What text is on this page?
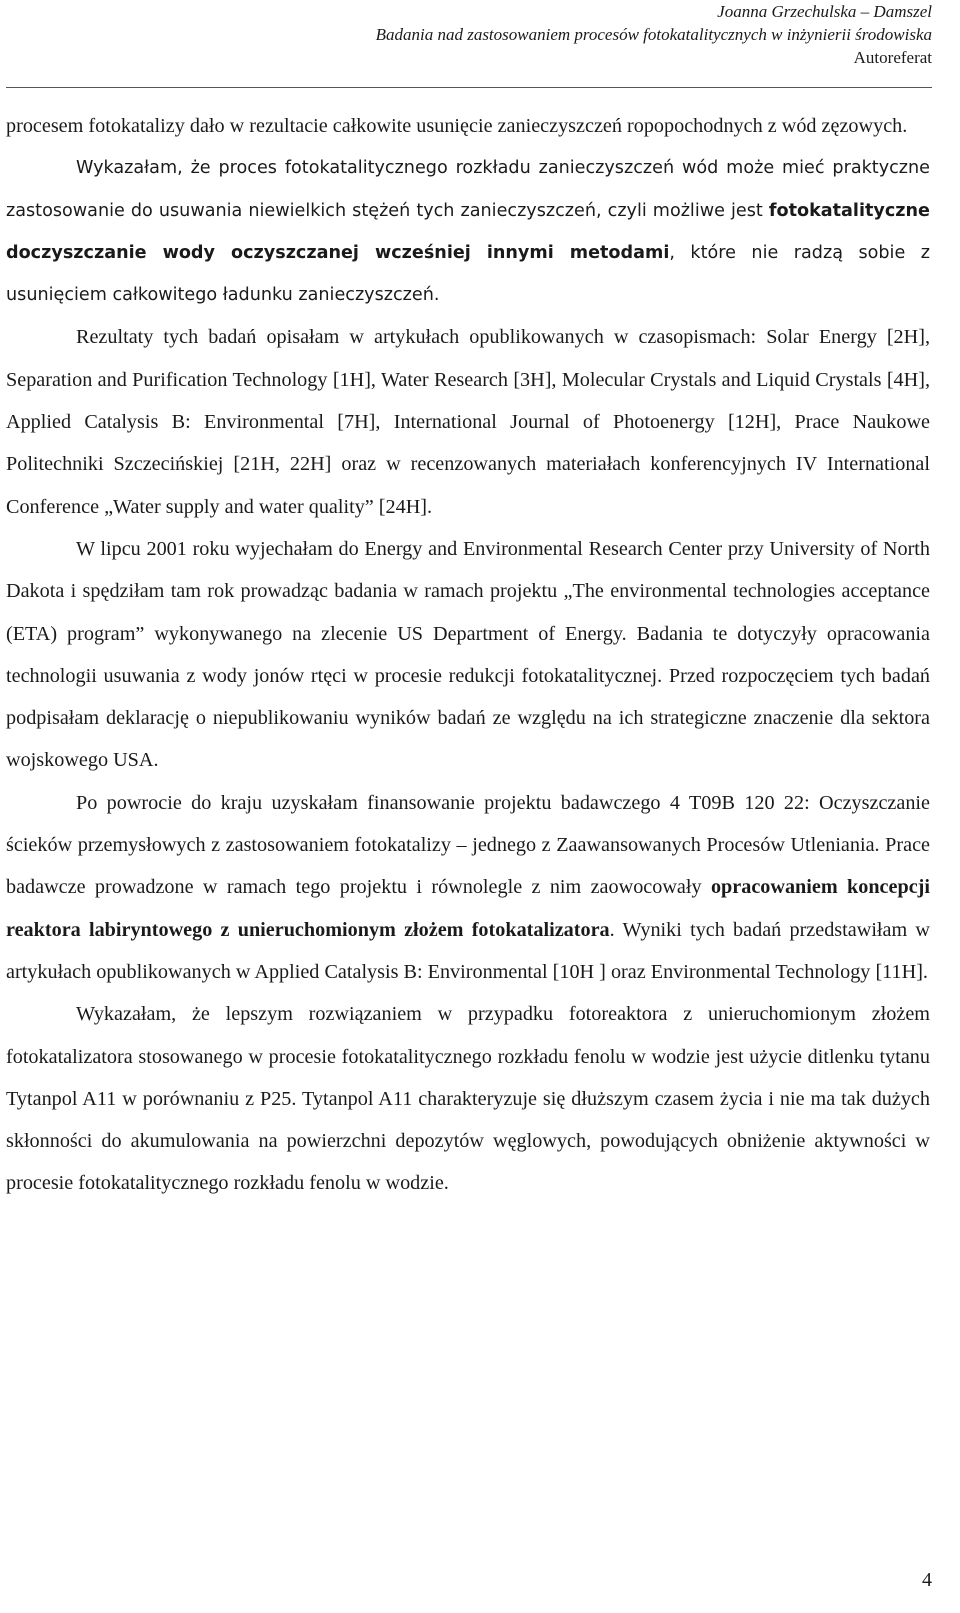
Joanna Grzechulska – Damszel
Badania nad zastosowaniem procesów fotokatalitycznych w inżynierii środowiska
Autoreferat

procesem fotokatalizy dało w rezultacie całkowite usunięcie zanieczyszczeń ropopochodnych z wód zęzowych.

Wykazałam, że proces fotokatalitycznego rozkładu zanieczyszczeń wód może mieć praktyczne zastosowanie do usuwania niewielkich stężeń tych zanieczyszczeń, czyli możliwe jest fotokatalityczne doczyszczanie wody oczyszczanej wcześniej innymi metodami, które nie radzą sobie z usunięciem całkowitego ładunku zanieczyszczeń.

Rezultaty tych badań opisałam w artykułach opublikowanych w czasopismach: Solar Energy [2H], Separation and Purification Technology [1H], Water Research [3H], Molecular Crystals and Liquid Crystals [4H], Applied Catalysis B: Environmental [7H], International Journal of Photoenergy [12H], Prace Naukowe Politechniki Szczecińskiej [21H, 22H] oraz w recenzowanych materiałach konferencyjnych IV International Conference „Water supply and water quality” [24H].

W lipcu 2001 roku wyjechałam do Energy and Environmental Research Center przy University of North Dakota i spędziłam tam rok prowadząc badania w ramach projektu „The environmental technologies acceptance (ETA) program” wykonywanego na zlecenie US Department of Energy. Badania te dotyczyły opracowania technologii usuwania z wody jonów rtęci w procesie redukcji fotokatalitycznej. Przed rozpoczęciem tych badań podpisałam deklarację o niepublikowaniu wyników badań ze względu na ich strategiczne znaczenie dla sektora wojskowego USA.

Po powrocie do kraju uzyskałam finansowanie projektu badawczego 4 T09B 120 22: Oczyszczanie ścieków przemysłowych z zastosowaniem fotokatalizy – jednego z Zaawansowanych Procesów Utleniania. Prace badawcze prowadzone w ramach tego projektu i równolegle z nim zaowocowały opracowaniem koncepcji reaktora labiryntowego z unieruchomionym złożem fotokatalizatora. Wyniki tych badań przedstawiłam w artykułach opublikowanych w Applied Catalysis B: Environmental [10H ] oraz Environmental Technology [11H].

Wykazałam, że lepszym rozwiązaniem w przypadku fotoreaktora z unieruchomionym złożem fotokatalizatora stosowanego w procesie fotokatalitycznego rozkładu fenolu w wodzie jest użycie ditlenku tytanu Tytanpol A11 w porównaniu z P25. Tytanpol A11 charakteryzuje się dłuższym czasem życia i nie ma tak dużych skłonności do akumulowania na powierzchni depozytów węglowych, powodujących obniżenie aktywności w procesie fotokatalitycznego rozkładu fenolu w wodzie.

4
